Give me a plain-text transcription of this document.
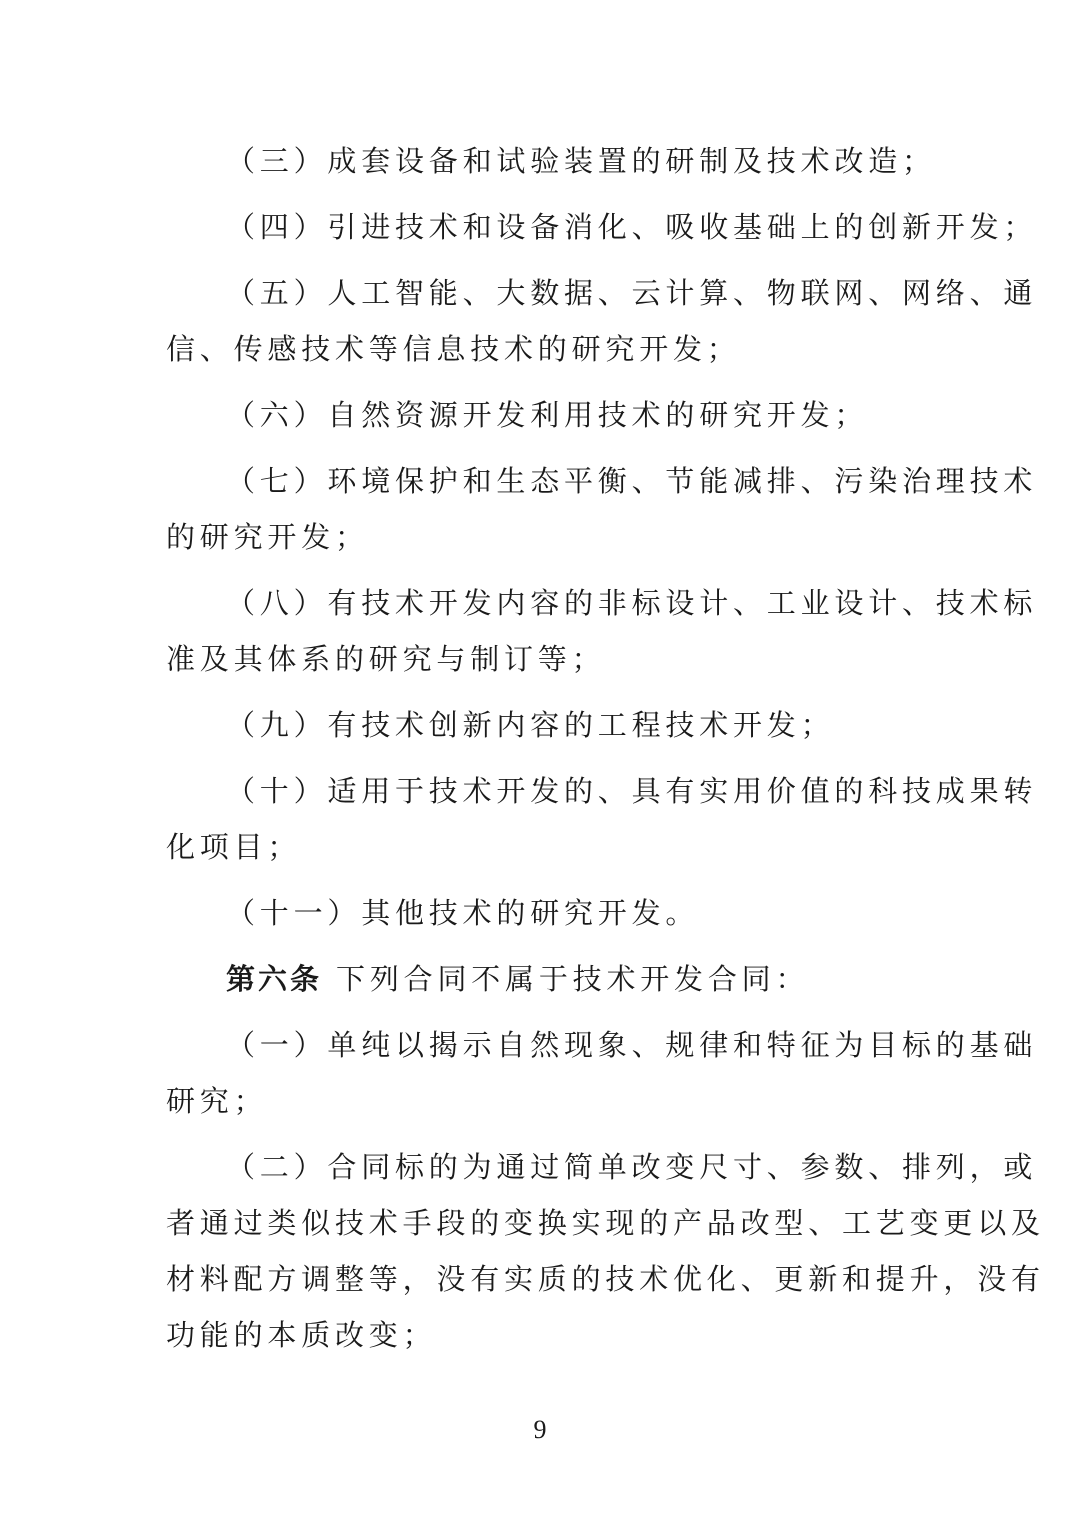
（三）成套设备和试验装置的研制及技术改造；
（四）引进技术和设备消化、吸收基础上的创新开发；
（五）人工智能、大数据、云计算、物联网、网络、通
信、传感技术等信息技术的研究开发；
（六）自然资源开发利用技术的研究开发；
（七）环境保护和生态平衡、节能减排、污染治理技术
的研究开发；
（八）有技术开发内容的非标设计、工业设计、技术标
准及其体系的研究与制订等；
（九）有技术创新内容的工程技术开发；
（十）适用于技术开发的、具有实用价值的科技成果转
化项目；
（十一）其他技术的研究开发。
第六条 下列合同不属于技术开发合同：
（一）单纯以揭示自然现象、规律和特征为目标的基础
研究；
（二）合同标的为通过简单改变尺寸、参数、排列，或
者通过类似技术手段的变换实现的产品改型、工艺变更以及
材料配方调整等，没有实质的技术优化、更新和提升，没有
功能的本质改变；
9
